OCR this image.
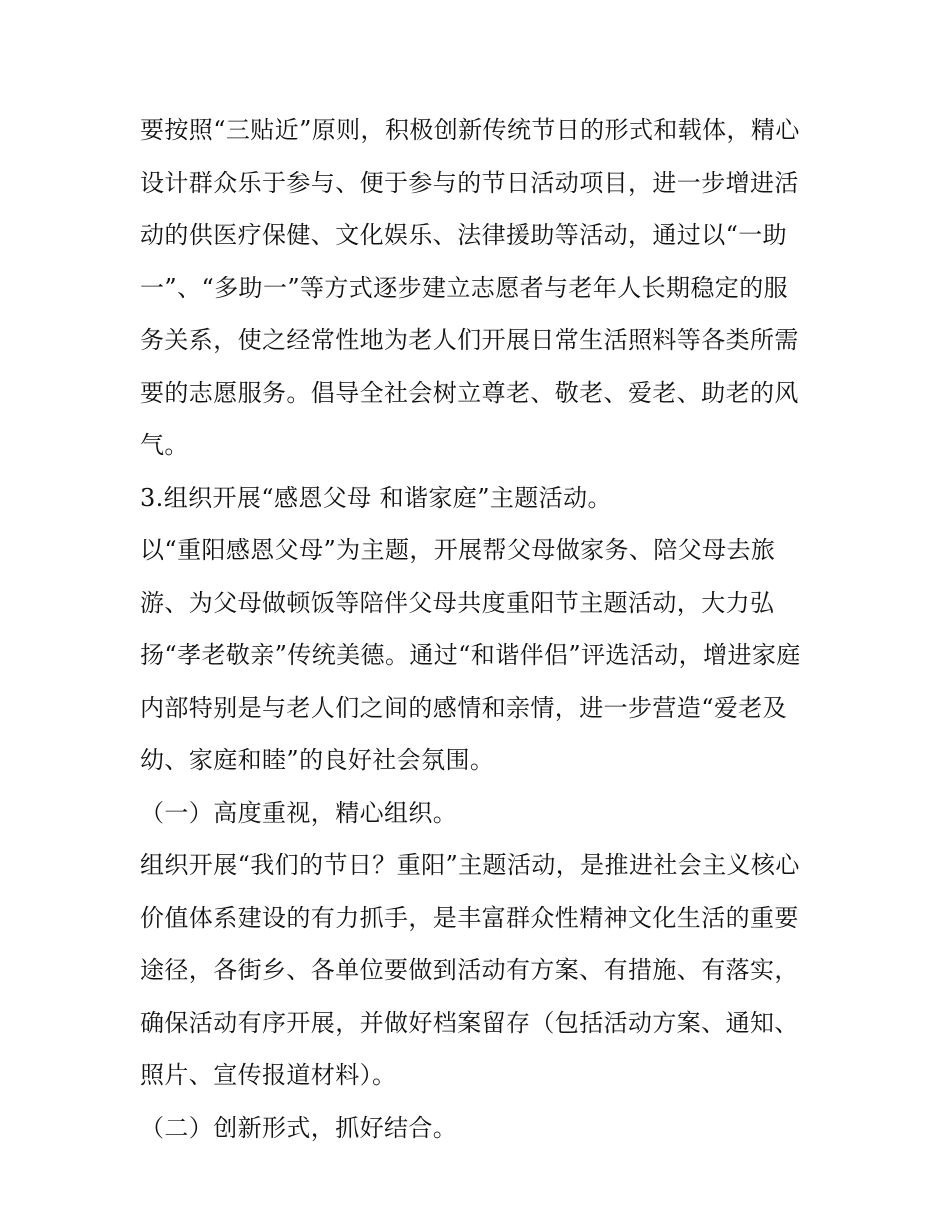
要按照“三贴近”原则，积极创新传统节日的形式和载体，精心
设计群众乐于参与、便于参与的节日活动项目，进一步增进活
动的供医疗保健、文化娱乐、法律援助等活动，通过以“一助
一”、“多助一”等方式逐步建立志愿者与老年人长期稳定的服
务关系，使之经常性地为老人们开展日常生活照料等各类所需
要的志愿服务。倡导全社会树立尊老、敬老、爱老、助老的风
气。
3.组织开展“感恩父母 和谐家庭”主题活动。
以“重阳感恩父母”为主题，开展帮父母做家务、陪父母去旅
游、为父母做顿饭等陪伴父母共度重阳节主题活动，大力弘
扬“孝老敬亲”传统美德。通过“和谐伴侣”评选活动，增进家庭
内部特别是与老人们之间的感情和亲情，进一步营造“爱老及
幼、家庭和睦”的良好社会氛围。
（一）高度重视，精心组织。
组织开展“我们的节日？重阳”主题活动，是推进社会主义核心
价值体系建设的有力抓手，是丰富群众性精神文化生活的重要
途径，各街乡、各单位要做到活动有方案、有措施、有落实，
确保活动有序开展，并做好档案留存（包括活动方案、通知、
照片、宣传报道材料）。
（二）创新形式，抓好结合。
